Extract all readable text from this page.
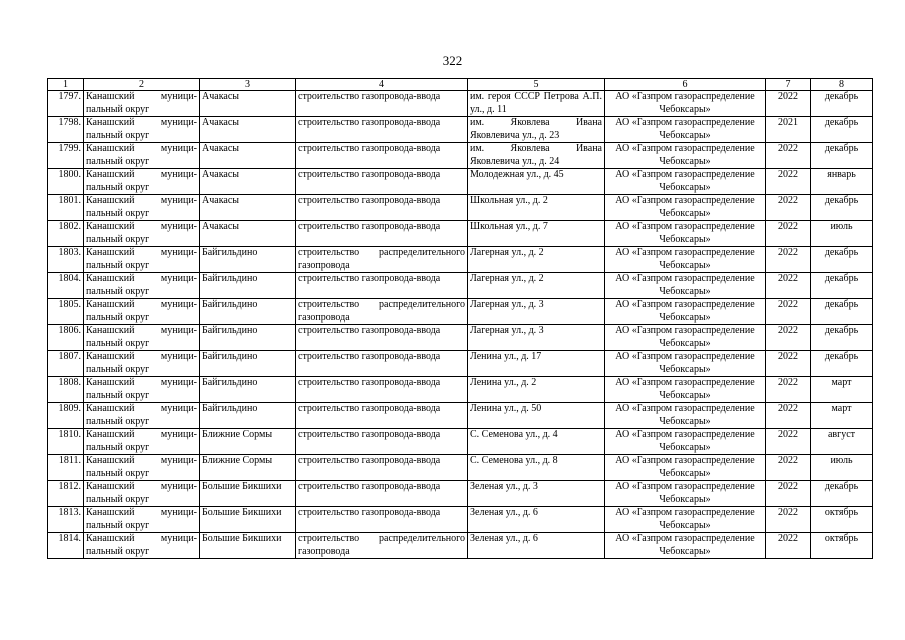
322
1	2	3	4	5	6	7	8
1797.	Канашский муници-пальный округ	Ачакасы	строительство газопровода-ввода	им. героя СССР Петрова А.П. ул., д. 11	АО «Газпром газораспределение Чебоксары»	2022	декабрь
1798.	Канашский муници-пальный округ	Ачакасы	строительство газопровода-ввода	им. Яковлева Ивана Яковлевича ул., д. 23	АО «Газпром газораспределение Чебоксары»	2021	декабрь
1799.	Канашский муници-пальный округ	Ачакасы	строительство газопровода-ввода	им. Яковлева Ивана Яковлевича ул., д. 24	АО «Газпром газораспределение Чебоксары»	2022	декабрь
1800.	Канашский муници-пальный округ	Ачакасы	строительство газопровода-ввода	Молодежная ул., д. 45	АО «Газпром газораспределение Чебоксары»	2022	январь
1801.	Канашский муници-пальный округ	Ачакасы	строительство газопровода-ввода	Школьная ул., д. 2	АО «Газпром газораспределение Чебоксары»	2022	декабрь
1802.	Канашский муници-пальный округ	Ачакасы	строительство газопровода-ввода	Школьная ул., д. 7	АО «Газпром газораспределение Чебоксары»	2022	июль
1803.	Канашский муници-пальный округ	Байгильдино	строительство распределительного газопровода	Лагерная ул., д. 2	АО «Газпром газораспределение Чебоксары»	2022	декабрь
1804.	Канашский муници-пальный округ	Байгильдино	строительство газопровода-ввода	Лагерная ул., д. 2	АО «Газпром газораспределение Чебоксары»	2022	декабрь
1805.	Канашский муници-пальный округ	Байгильдино	строительство распределительного газопровода	Лагерная ул., д. 3	АО «Газпром газораспределение Чебоксары»	2022	декабрь
1806.	Канашский муници-пальный округ	Байгильдино	строительство газопровода-ввода	Лагерная ул., д. 3	АО «Газпром газораспределение Чебоксары»	2022	декабрь
1807.	Канашский муници-пальный округ	Байгильдино	строительство газопровода-ввода	Ленина ул., д. 17	АО «Газпром газораспределение Чебоксары»	2022	декабрь
1808.	Канашский муници-пальный округ	Байгильдино	строительство газопровода-ввода	Ленина ул., д. 2	АО «Газпром газораспределение Чебоксары»	2022	март
1809.	Канашский муници-пальный округ	Байгильдино	строительство газопровода-ввода	Ленина ул., д. 50	АО «Газпром газораспределение Чебоксары»	2022	март
1810.	Канашский муници-пальный округ	Ближние Сормы	строительство газопровода-ввода	С. Семенова ул., д. 4	АО «Газпром газораспределение Чебоксары»	2022	август
1811.	Канашский муници-пальный округ	Ближние Сормы	строительство газопровода-ввода	С. Семенова ул., д. 8	АО «Газпром газораспределение Чебоксары»	2022	июль
1812.	Канашский муници-пальный округ	Большие Бикшихи	строительство газопровода-ввода	Зеленая ул., д. 3	АО «Газпром газораспределение Чебоксары»	2022	декабрь
1813.	Канашский муници-пальный округ	Большие Бикшихи	строительство газопровода-ввода	Зеленая ул., д. 6	АО «Газпром газораспределение Чебоксары»	2022	октябрь
1814.	Канашский муници-пальный округ	Большие Бикшихи	строительство распределительного газопровода	Зеленая ул., д. 6	АО «Газпром газораспределение Чебоксары»	2022	октябрь
